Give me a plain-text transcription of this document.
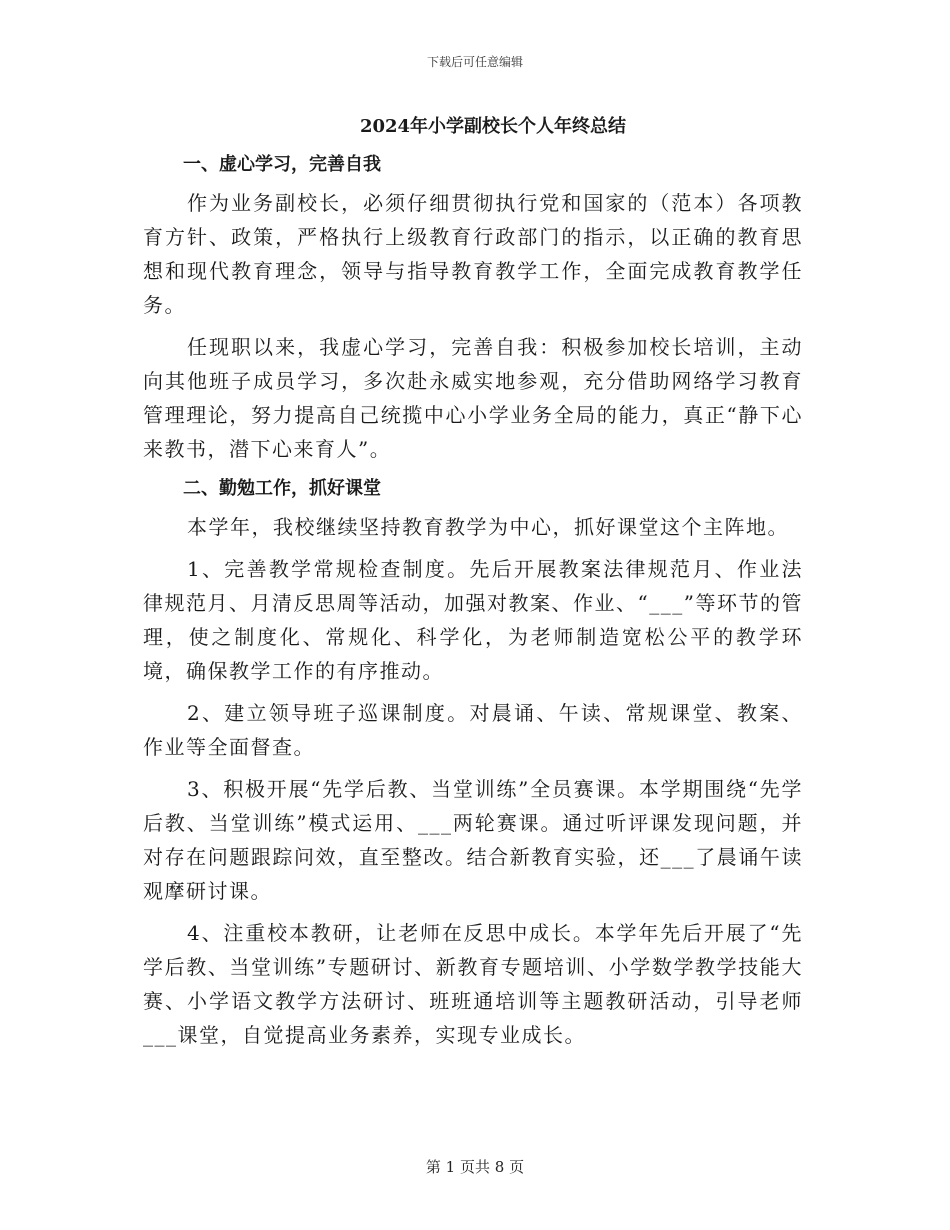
下载后可任意编辑
2024年小学副校长个人年终总结
一、虚心学习，完善自我

作为业务副校长，必须仔细贯彻执行党和国家的（范本）各项教育方针、政策，严格执行上级教育行政部门的指示，以正确的教育思想和现代教育理念，领导与指导教育教学工作，全面完成教育教学任务。

任现职以来，我虚心学习，完善自我：积极参加校长培训，主动向其他班子成员学习，多次赴永威实地参观，充分借助网络学习教育管理理论，努力提高自己统揽中心小学业务全局的能力，真正“静下心来教书，潜下心来育人”。

二、勤勉工作，抓好课堂

本学年，我校继续坚持教育教学为中心，抓好课堂这个主阵地。

1、完善教学常规检查制度。先后开展教案法律规范月、作业法律规范月、月清反思周等活动，加强对教案、作业、“___”等环节的管理，使之制度化、常规化、科学化，为老师制造宽松公平的教学环境，确保教学工作的有序推动。

2、建立领导班子巡课制度。对晨诵、午读、常规课堂、教案、作业等全面督查。

3、积极开展“先学后教、当堂训练”全员赛课。本学期围绕“先学后教、当堂训练”模式运用、___两轮赛课。通过听评课发现问题，并对存在问题跟踪问效，直至整改。结合新教育实验，还___了晨诵午读观摩研讨课。

4、注重校本教研，让老师在反思中成长。本学年先后开展了“先学后教、当堂训练”专题研讨、新教育专题培训、小学数学教学技能大赛、小学语文教学方法研讨、班班通培训等主题教研活动，引导老师___课堂，自觉提高业务素养，实现专业成长。

第 1 页共 8 页
